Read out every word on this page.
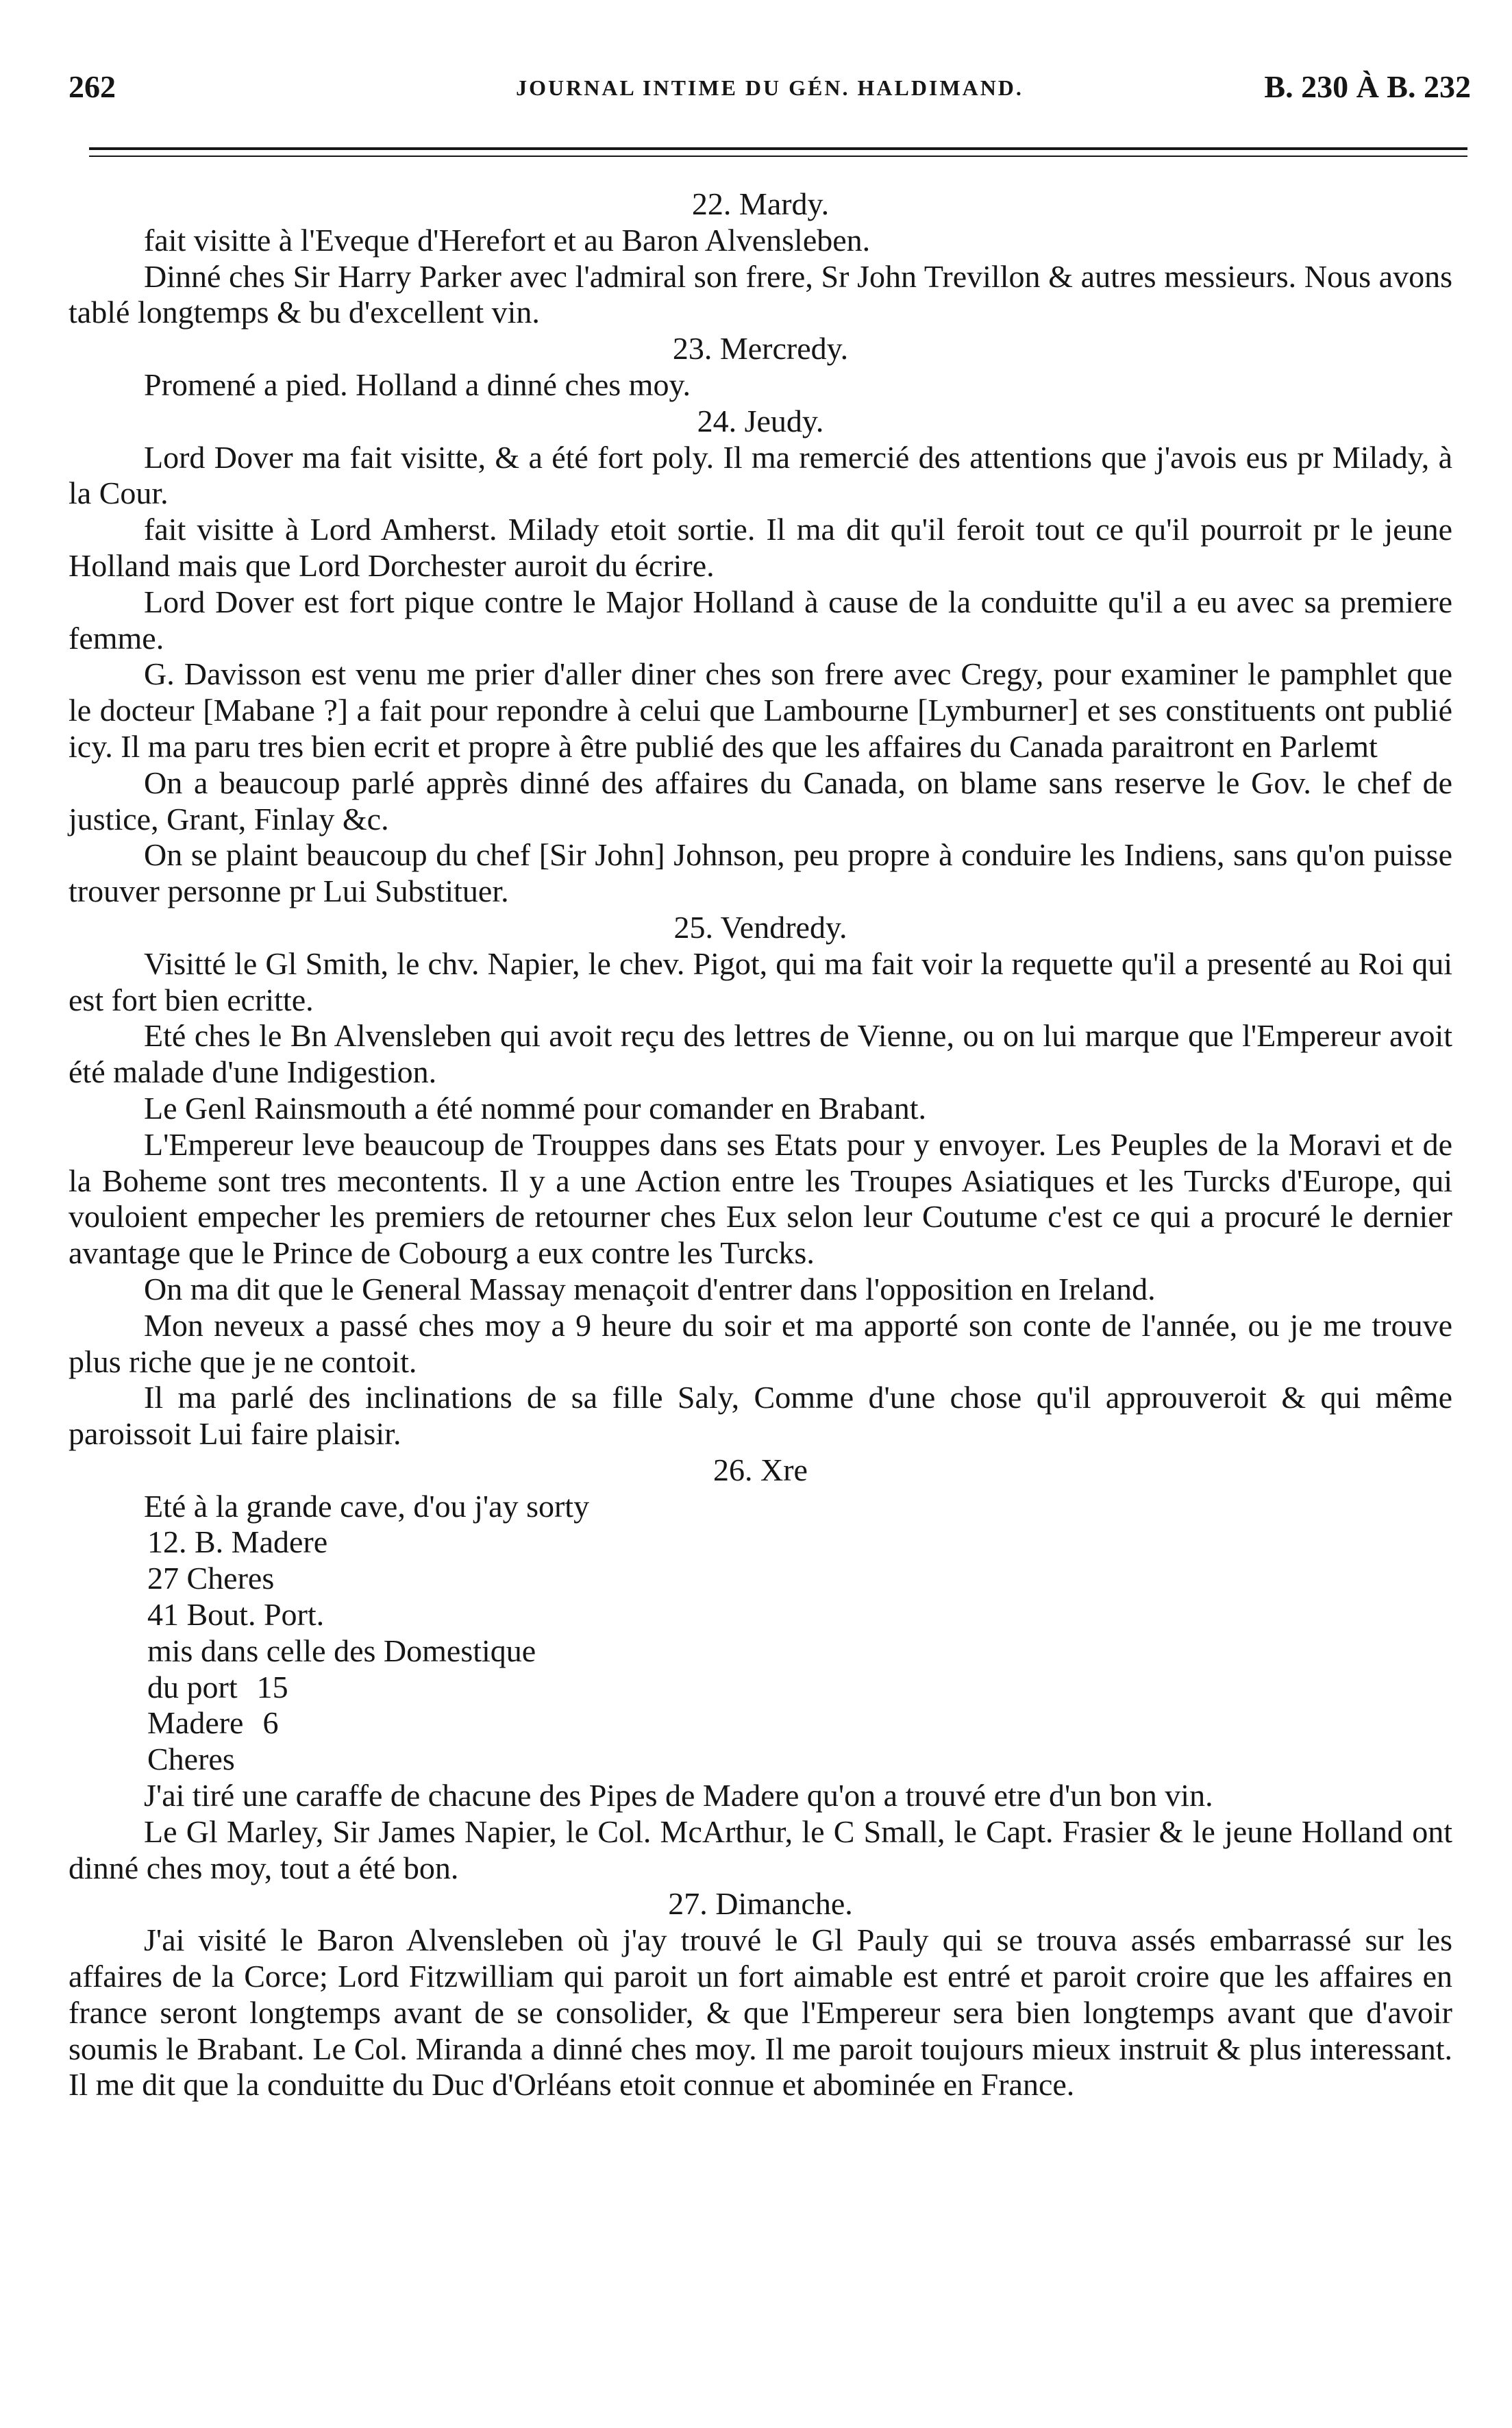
262	JOURNAL INTIME DU GÉN. HALDIMAND.	B. 230 À B. 232

22. Mardy.

fait visitte à l'Eveque d'Herefort et au Baron Alvensleben.

Dinné ches Sir Harry Parker avec l'admiral son frere, Sr John Trevillon & autres messieurs. Nous avons tablé longtemps & bu d'excellent vin.

23. Mercredy.

Promené a pied. Holland a dinné ches moy.

24. Jeudy.

Lord Dover ma fait visitte, & a été fort poly. Il ma remercié des attentions que j'avois eus pr Milady, à la Cour.

fait visitte à Lord Amherst. Milady etoit sortie. Il ma dit qu'il feroit tout ce qu'il pourroit pr le jeune Holland mais que Lord Dorchester auroit du écrire.

Lord Dover est fort pique contre le Major Holland à cause de la conduitte qu'il a eu avec sa premiere femme.

G. Davisson est venu me prier d'aller diner ches son frere avec Cregy, pour examiner le pamphlet que le docteur [Mabane ?] a fait pour repondre à celui que Lambourne [Lymburner] et ses constituents ont publié icy. Il ma paru tres bien ecrit et propre à être publié des que les affaires du Canada paraitront en Parlemt

On a beaucoup parlé apprès dinné des affaires du Canada, on blame sans reserve le Gov. le chef de justice, Grant, Finlay &c.

On se plaint beaucoup du chef [Sir John] Johnson, peu propre à conduire les Indiens, sans qu'on puisse trouver personne pr Lui Substituer.

25. Vendredy.

Visitté le Gl Smith, le chv. Napier, le chev. Pigot, qui ma fait voir la requette qu'il a presenté au Roi qui est fort bien ecritte.

Eté ches le Bn Alvensleben qui avoit reçu des lettres de Vienne, ou on lui marque que l'Empereur avoit été malade d'une Indigestion.

Le Genl Rainsmouth a été nommé pour comander en Brabant.

L'Empereur leve beaucoup de Trouppes dans ses Etats pour y envoyer. Les Peuples de la Moravi et de la Boheme sont tres mecontents. Il y a une Action entre les Troupes Asiatiques et les Turcks d'Europe, qui vouloient empecher les premiers de retourner ches Eux selon leur Coutume c'est ce qui a procuré le dernier avantage que le Prince de Cobourg a eux contre les Turcks.

On ma dit que le General Massay menaçoit d'entrer dans l'opposition en Ireland.

Mon neveux a passé ches moy a 9 heure du soir et ma apporté son conte de l'année, ou je me trouve plus riche que je ne contoit.

Il ma parlé des inclinations de sa fille Saly, Comme d'une chose qu'il approuveroit & qui même paroissoit Lui faire plaisir.

26. Xre

Eté à la grande cave, d'ou j'ay sorty

12. B. Madere
27 Cheres
41 Bout. Port.
mis dans celle des Domestique
du port 15
Madere 6
Cheres

J'ai tiré une caraffe de chacune des Pipes de Madere qu'on a trouvé etre d'un bon vin.

Le Gl Marley, Sir James Napier, le Col. McArthur, le C Small, le Capt. Frasier & le jeune Holland ont dinné ches moy, tout a été bon.

27. Dimanche.

J'ai visité le Baron Alvensleben où j'ay trouvé le Gl Pauly qui se trouva assés embarrassé sur les affaires de la Corce; Lord Fitzwilliam qui paroit un fort aimable est entré et paroit croire que les affaires en france seront longtemps avant de se consolider, & que l'Empereur sera bien longtemps avant que d'avoir soumis le Brabant. Le Col. Miranda a dinné ches moy. Il me paroit toujours mieux instruit & plus interessant. Il me dit que la conduitte du Duc d'Orléans etoit connue et abominée en France.
